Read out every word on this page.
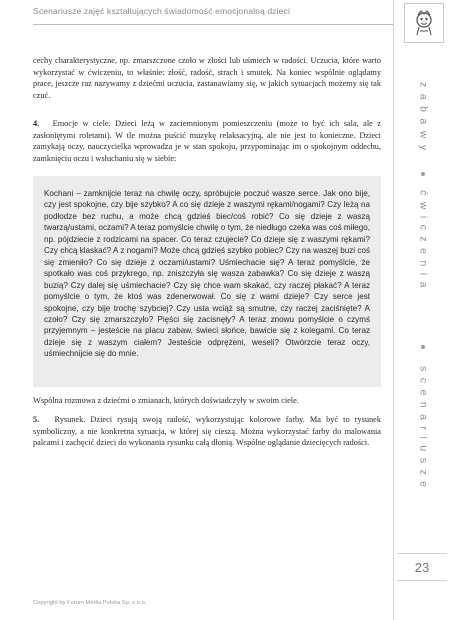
Scenariusze zajęć kształtujących świadomość emocjonalną dzieci
zabawy
ćwiczenia
scenariusze
23

cechy charakterystyczne, np. zmarszczone czoło w złości lub uśmiech w radości. Uczucia, które warto wykorzystać w ćwiczeniu, to właśnie: złość, radość, strach i smutek. Na koniec wspólnie oglądamy prace, jeszcze raz nazywamy z dziećmi uczucia, zastanawiamy się, w jakich sytuacjach możemy się tak czuć.

4. Emocje w ciele. Dzieci leżą w zaciemnionym pomieszczeniu (może to być ich sala, ale z zasłoniętymi roletami). W tle można puścić muzykę relaksacyjną, ale nie jest to konieczne. Dzieci zamykają oczy, nauczycielka wprowadza je w stan spokoju, przypominając im o spokojnym oddechu, zamknięciu oczu i wsłuchaniu się w siebie:

Kochani – zamknijcie teraz na chwilę oczy, spróbujcie poczuć wasze serce. Jak ono bije, czy jest spokojne, czy bije szybko? A co się dzieje z waszymi rękami/nogami? Czy leżą na podłodze bez ruchu, a może chcą gdzieś biec/coś robić? Co się dzieje z waszą twarzą/ustami, oczami? A teraz pomyślcie chwilę o tym, że niedługo czeka was coś miłego, np. pójdziecie z rodzicami na spacer. Co teraz czujecie? Co dzieje się z waszymi rękami? Czy chcą klaskać? A z nogami? Może chcą gdzieś szybko pobiec? Czy na waszej buzi coś się zmieniło? Co się dzieje z oczami/ustami? Uśmiechacie się? A teraz pomyślcie, że spotkało was coś przykrego, np. zniszczyła się wasza zabawka? Co się dzieje z waszą buzią? Czy dalej się uśmiechacie? Czy się chce wam skakać, czy raczej płakać? A teraz pomyślcie o tym, że ktoś was zdenerwował. Co się z wami dzieje? Czy serce jest spokojne, czy bije trochę szybciej? Czy usta wciąż są smutne, czy raczej zaciśnięte? A czoło? Czy się zmarszczyło? Pięści się zacisnęły? A teraz znowu pomyślcie o czymś przyjemnym – jesteście na placu zabaw, świeci słońce, bawicie się z kolegami. Co teraz dzieje się z waszym ciałem? Jesteście odprężeni, weseli? Otwórzcie teraz oczy, uśmiechnijcie się do mnie.

Wspólna rozmowa z dziećmi o zmianach, których doświadczyły w swoim ciele.

5. Rysunek. Dzieci rysują swoją radość, wykorzystując kolorowe farby. Ma być to rysunek symboliczny, a nie konkretna sytuacja, w której się cieszą. Można wykorzystać farby do malowania palcami i zachęcić dzieci do wykonania rysunku całą dłonią. Wspólne oglądanie dziecięcych radości.

Copyright by Forum Media Polska Sp. z o.o.
